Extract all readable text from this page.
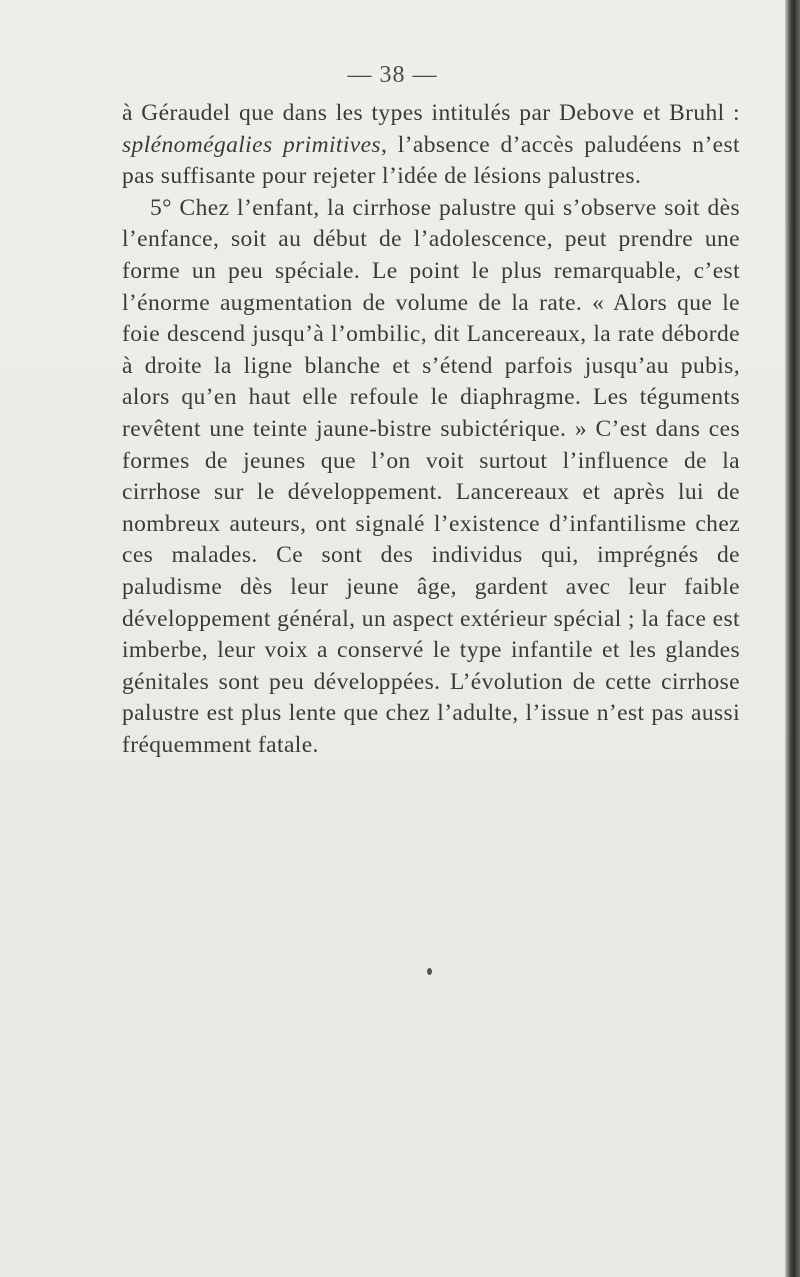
— 38 —

à Géraudel que dans les types intitulés par Debove et Bruhl : splénomégalies primitives, l’absence d’accès paludéens n’est pas suffisante pour rejeter l’idée de lésions palustres.

5° Chez l’enfant, la cirrhose palustre qui s’observe soit dès l’enfance, soit au début de l’adolescence, peut prendre une forme un peu spéciale. Le point le plus remarquable, c’est l’énorme augmentation de volume de la rate. « Alors que le foie descend jusqu’à l’ombilic, dit Lancereaux, la rate déborde à droite la ligne blanche et s’étend parfois jusqu’au pubis, alors qu’en haut elle refoule le diaphragme. Les téguments revêtent une teinte jaune-bistre subictérique. » C’est dans ces formes de jeunes que l’on voit surtout l’influence de la cirrhose sur le développement. Lancereaux et après lui de nombreux auteurs, ont signalé l’existence d’infantilisme chez ces malades. Ce sont des individus qui, imprégnés de paludisme dès leur jeune âge, gardent avec leur faible développement général, un aspect extérieur spécial ; la face est imberbe, leur voix a conservé le type infantile et les glandes génitales sont peu développées. L’évolution de cette cirrhose palustre est plus lente que chez l’adulte, l’issue n’est pas aussi fréquemment fatale.
